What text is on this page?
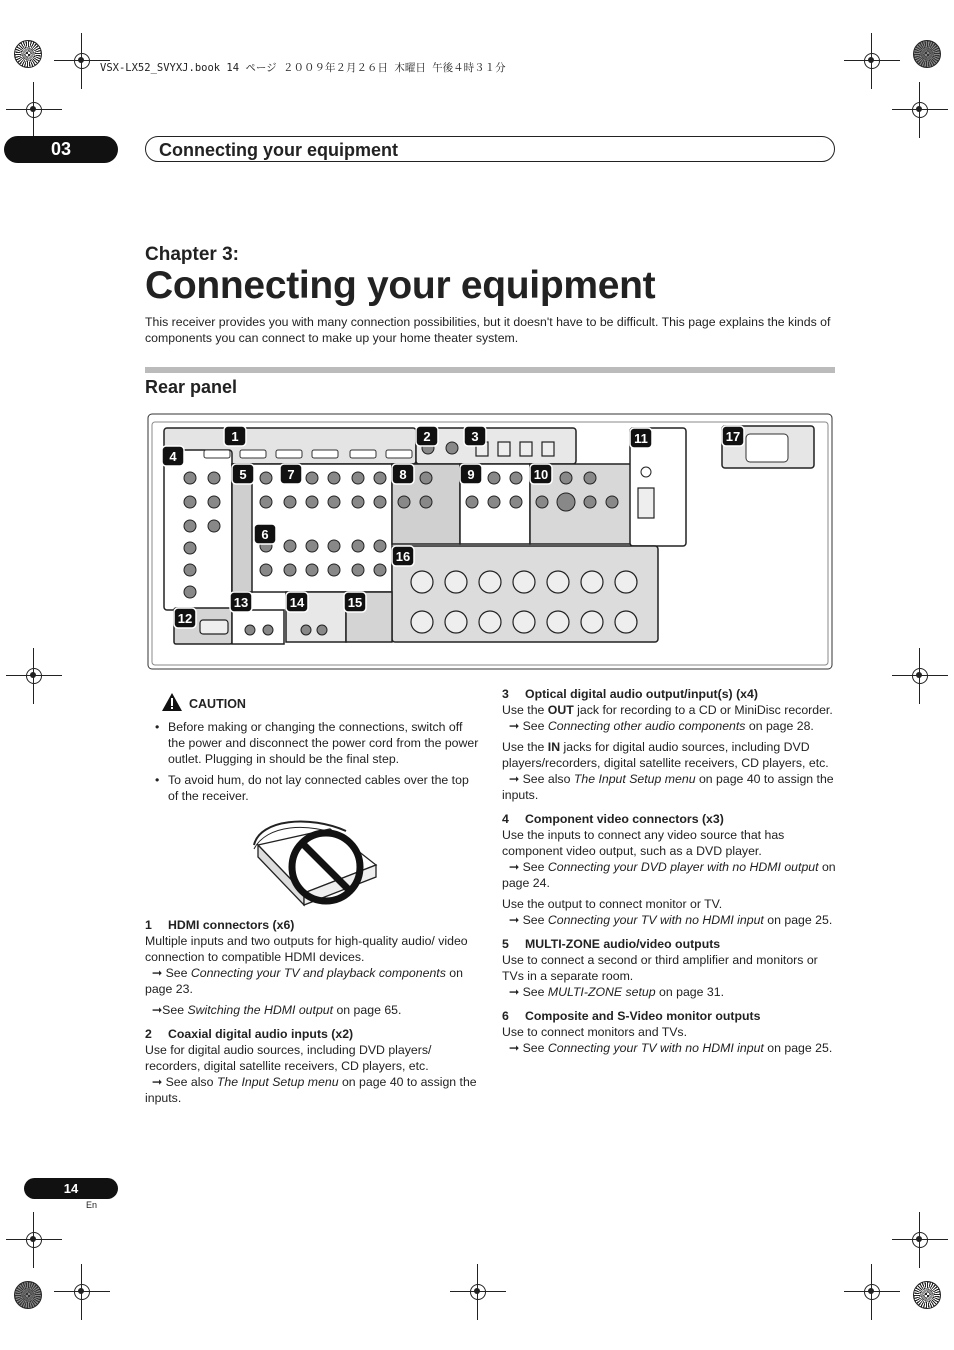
VSX-LX52_SVYXJ.book 14 ページ ２００９年２月２６日 木曜日 午後４時３１分
03	Connecting your equipment
Chapter 3:
Connecting your equipment
This receiver provides you with many connection possibilities, but it doesn't have to be difficult. This page explains the kinds of components you can connect to make up your home theater system.
Rear panel
1	2	3
4
5
6
7	8	9	10
11
12
13	14	15
16
17
CAUTION
• Before making or changing the connections, switch off the power and disconnect the power cord from the power outlet. Plugging in should be the final step.
• To avoid hum, do not lay connected cables over the top of the receiver.
1 HDMI connectors (x6)

Multiple inputs and two outputs for high-quality audio/ video connection to compatible HDMI devices.

➞ See Connecting your TV and playback components on page 23.

➞See Switching the HDMI output on page 65.

2 Coaxial digital audio inputs (x2)

Use for digital audio sources, including DVD players/ recorders, digital satellite receivers, CD players, etc.

➞ See also The Input Setup menu on page 40 to assign the inputs.

3 Optical digital audio output/input(s) (x4)

Use the OUT jack for recording to a CD or MiniDisc recorder.

➞ See Connecting other audio components on page 28.

Use the IN jacks for digital audio sources, including DVD players/recorders, digital satellite receivers, CD players, etc.

➞ See also The Input Setup menu on page 40 to assign the inputs.

4 Component video connectors (x3)

Use the inputs to connect any video source that has component video output, such as a DVD player.

➞ See Connecting your DVD player with no HDMI output on page 24.

Use the output to connect monitor or TV.

➞ See Connecting your TV with no HDMI input on page 25.

5 MULTI-ZONE audio/video outputs

Use to connect a second or third amplifier and monitors or TVs in a separate room.

➞ See MULTI-ZONE setup on page 31.

6 Composite and S-Video monitor outputs

Use to connect monitors and TVs.

➞ See Connecting your TV with no HDMI input on page 25.

14
En
